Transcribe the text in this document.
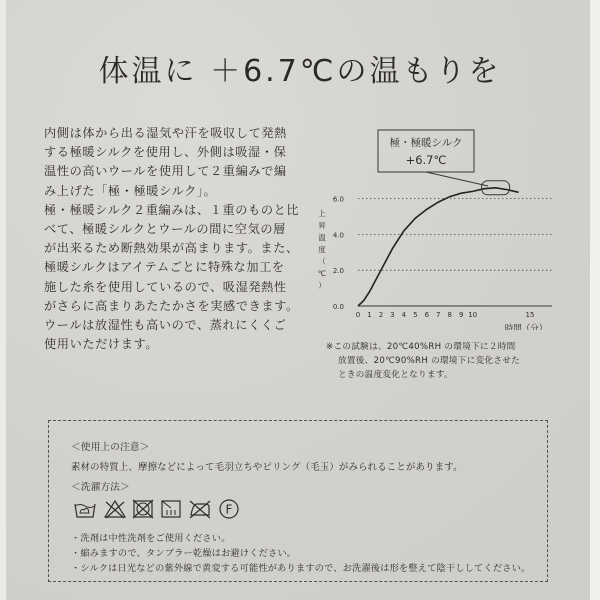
体温に ＋6.7℃の温もりを

内側は体から出る湿気や汗を吸収して発熱

する極暖シルクを使用し、外側は吸湿・保

温性の高いウールを使用して２重編みで編

み上げた「極・極暖シルク」。

極・極暖シルク２重編みは、１重のものと比

べて、極暖シルクとウールの間に空気の層

が出来るため断熱効果が高まります。また、

極暖シルクはアイテムごとに特殊な加工を

施した糸を使用しているので、吸湿発熱性

がさらに高まりあたたかさを実感できます。

ウールは放湿性も高いので、蒸れにくくご

使用いただけます。

極・極暖シルク
+6.7℃
0.0
2.0
4.0
6.0
0 1 2 3 4 5 6 7 8 9 10	15
上
昇
温
度
（
℃
）
時間（分）

※この試験は、20℃40%RH の環境下に２時間

放置後、20℃90%RH の環境下に変化させた

ときの温度変化となります。

＜使用上の注意＞
素材の特質上、摩擦などによって毛羽立ちやピリング（毛玉）がみられることがあります。
＜洗濯方法＞
F

・洗剤は中性洗剤をご使用ください。

・縮みますので、タンブラー乾燥はお避けください。

・シルクは日光などの紫外線で黄変する可能性がありますので、お洗濯後は形を整えて陰干ししてください。
